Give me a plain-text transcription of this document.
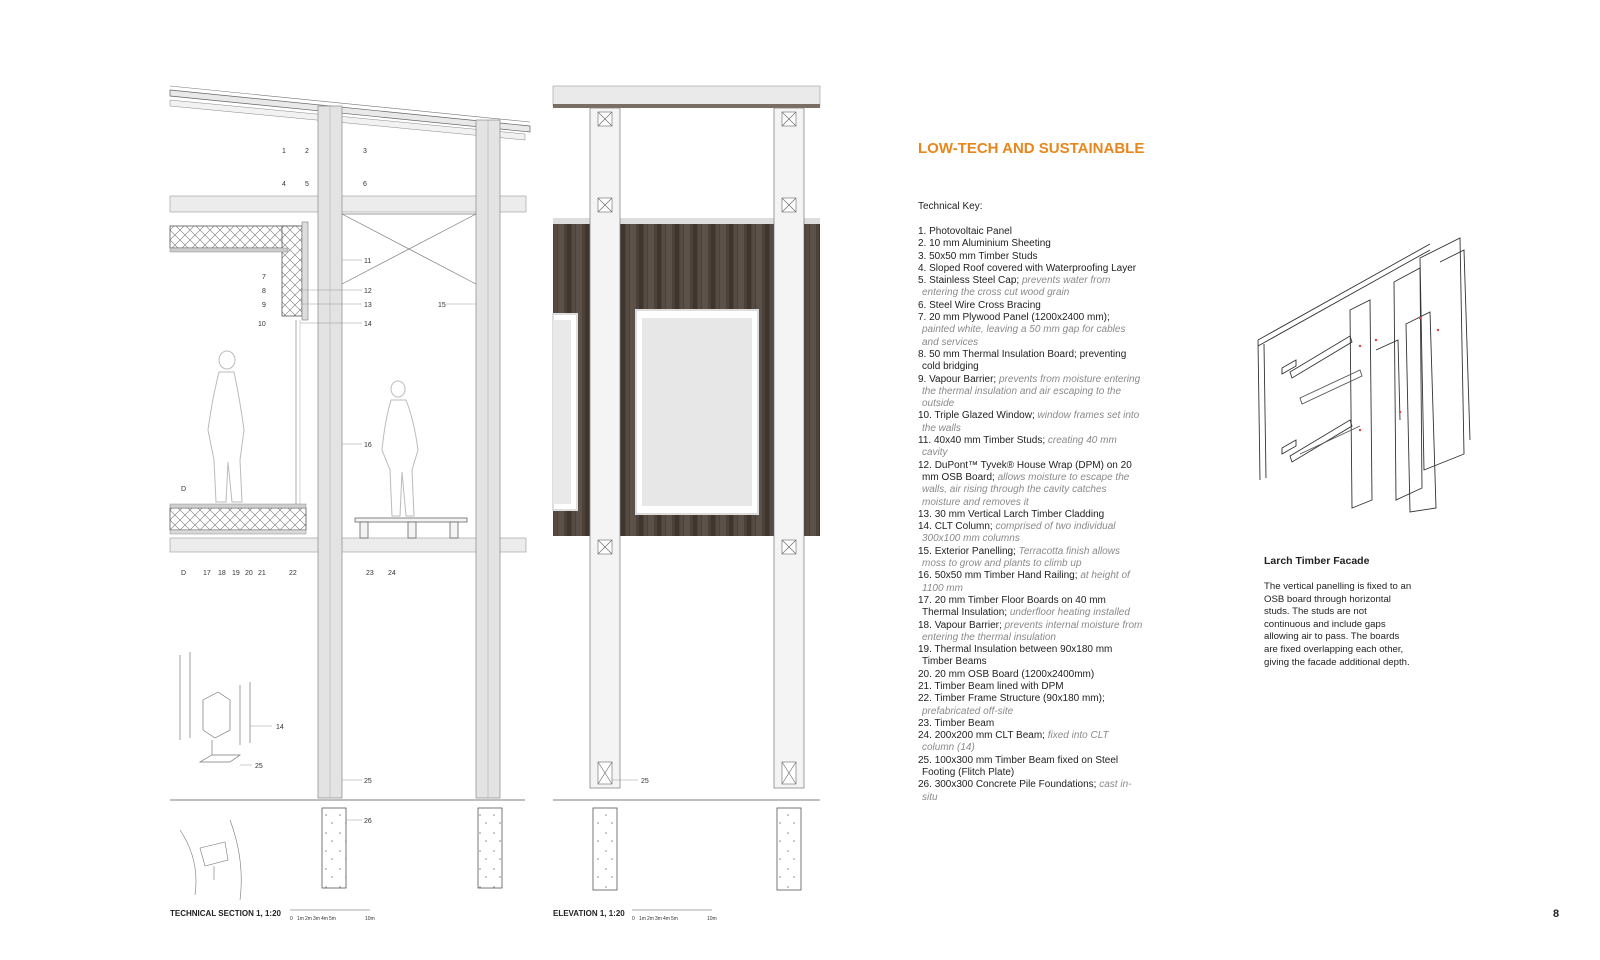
1	2	3
4	5	6
7
8
9
10
11
12
13
14
15
16
17 18 19 20 21	22	23 24
25
26
D
D
14
25
TECHNICAL SECTION 1, 1:20
0 1m 2m 3m 4m 5m	10m
25
ELEVATION 1, 1:20
0 1m 2m 3m 4m 5m	10m
LOW-TECH AND SUSTAINABLE
Technical Key:
1. Photovoltaic Panel
2. 10 mm Aluminium Sheeting
3. 50x50 mm Timber Studs
4. Sloped Roof covered with Waterproofing Layer
5. Stainless Steel Cap; prevents water from entering the cross cut wood grain
6. Steel Wire Cross Bracing
7. 20 mm Plywood Panel (1200x2400 mm); painted white, leaving a 50 mm gap for cables and services
8. 50 mm Thermal Insulation Board; preventing cold bridging
9. Vapour Barrier; prevents from moisture entering the thermal insulation and air escaping to the outside
10. Triple Glazed Window; window frames set into the walls
11. 40x40 mm Timber Studs; creating 40 mm cavity
12. DuPont™ Tyvek® House Wrap (DPM) on 20 mm OSB Board; allows moisture to escape the walls, air rising through the cavity catches moisture and removes it
13. 30 mm Vertical Larch Timber Cladding
14. CLT Column; comprised of two individual 300x100 mm columns
15. Exterior Panelling; Terracotta finish allows moss to grow and plants to climb up
16. 50x50 mm Timber Hand Railing; at height of 1100 mm
17. 20 mm Timber Floor Boards on 40 mm Thermal Insulation; underfloor heating installed
18. Vapour Barrier; prevents internal moisture from entering the thermal insulation
19. Thermal Insulation between 90x180 mm Timber Beams
20. 20 mm OSB Board (1200x2400mm)
21. Timber Beam lined with DPM
22. Timber Frame Structure (90x180 mm); prefabricated off-site
23. Timber Beam
24. 200x200 mm CLT Beam; fixed into CLT column (14)
25. 100x300 mm Timber Beam fixed on Steel Footing (Flitch Plate)
26. 300x300 Concrete Pile Foundations; cast in-situ
Larch Timber Facade

The vertical panelling is fixed to an OSB board through horizontal studs. The studs are not continuous and include gaps allowing air to pass. The boards are fixed overlapping each other, giving the facade additional depth.

8
